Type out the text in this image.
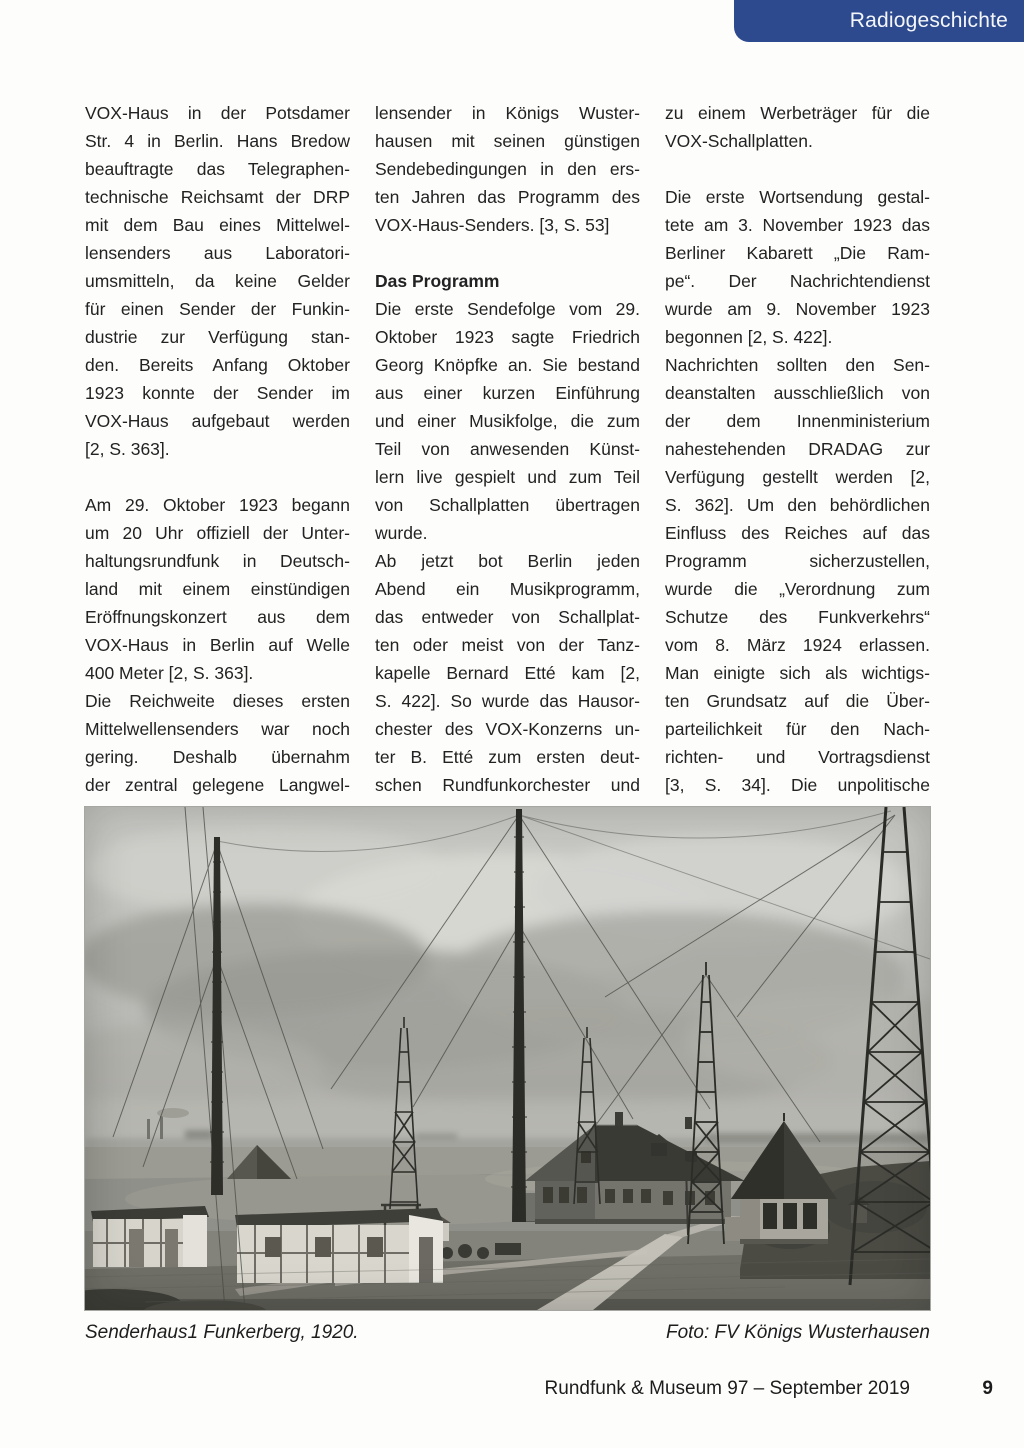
Radiogeschichte
VOX-Haus in der Potsdamer
Str. 4 in Berlin. Hans Bredow
beauftragte das Telegraphen-
technische Reichsamt der DRP
mit dem Bau eines Mittelwel-
lensenders aus Laboratori-
umsmitteln, da keine Gelder
für einen Sender der Funkin-
dustrie zur Verfügung stan-
den. Bereits Anfang Oktober
1923 konnte der Sender im
VOX-Haus aufgebaut werden
[2, S. 363].
Am 29. Oktober 1923 begann
um 20 Uhr offiziell der Unter-
haltungsrundfunk in Deutsch-
land mit einem einstündigen
Eröffnungskonzert aus dem
VOX-Haus in Berlin auf Welle
400 Meter [2, S. 363].
Die Reichweite dieses ersten
Mittelwellensenders war noch
gering. Deshalb übernahm
der zentral gelegene Langwel-
lensender in Königs Wuster-
hausen mit seinen günstigen
Sendebedingungen in den ers-
ten Jahren das Programm des
VOX-Haus-Senders. [3, S. 53]
Das Programm
Die erste Sendefolge vom 29.
Oktober 1923 sagte Friedrich
Georg Knöpfke an. Sie bestand
aus einer kurzen Einführung
und einer Musikfolge, die zum
Teil von anwesenden Künst-
lern live gespielt und zum Teil
von Schallplatten übertragen
wurde.
Ab jetzt bot Berlin jeden
Abend ein Musikprogramm,
das entweder von Schallplat-
ten oder meist von der Tanz-
kapelle Bernard Etté kam [2,
S. 422]. So wurde das Hausor-
chester des VOX-Konzerns un-
ter B. Etté zum ersten deut-
schen Rundfunkorchester und
zu einem Werbeträger für die
VOX-Schallplatten.
Die erste Wortsendung gestal-
tete am 3. November 1923 das
Berliner Kabarett „Die Ram-
pe“. Der Nachrichtendienst
wurde am 9. November 1923
begonnen [2, S. 422].
Nachrichten sollten den Sen-
deanstalten ausschließlich von
der dem Innenministerium
nahestehenden DRADAG zur
Verfügung gestellt werden [2,
S. 362]. Um den behördlichen
Einfluss des Reiches auf das
Programm sicherzustellen,
wurde die „Verordnung zum
Schutze des Funkverkehrs“
vom 8. März 1924 erlassen.
Man einigte sich als wichtigs-
ten Grundsatz auf die Über-
parteilichkeit für den Nach-
richten- und Vortragsdienst
[3, S. 34]. Die unpolitische
Senderhaus1 Funkerberg, 1920.	Foto: FV Königs Wusterhausen
Rundfunk & Museum 97 – September 2019	9
